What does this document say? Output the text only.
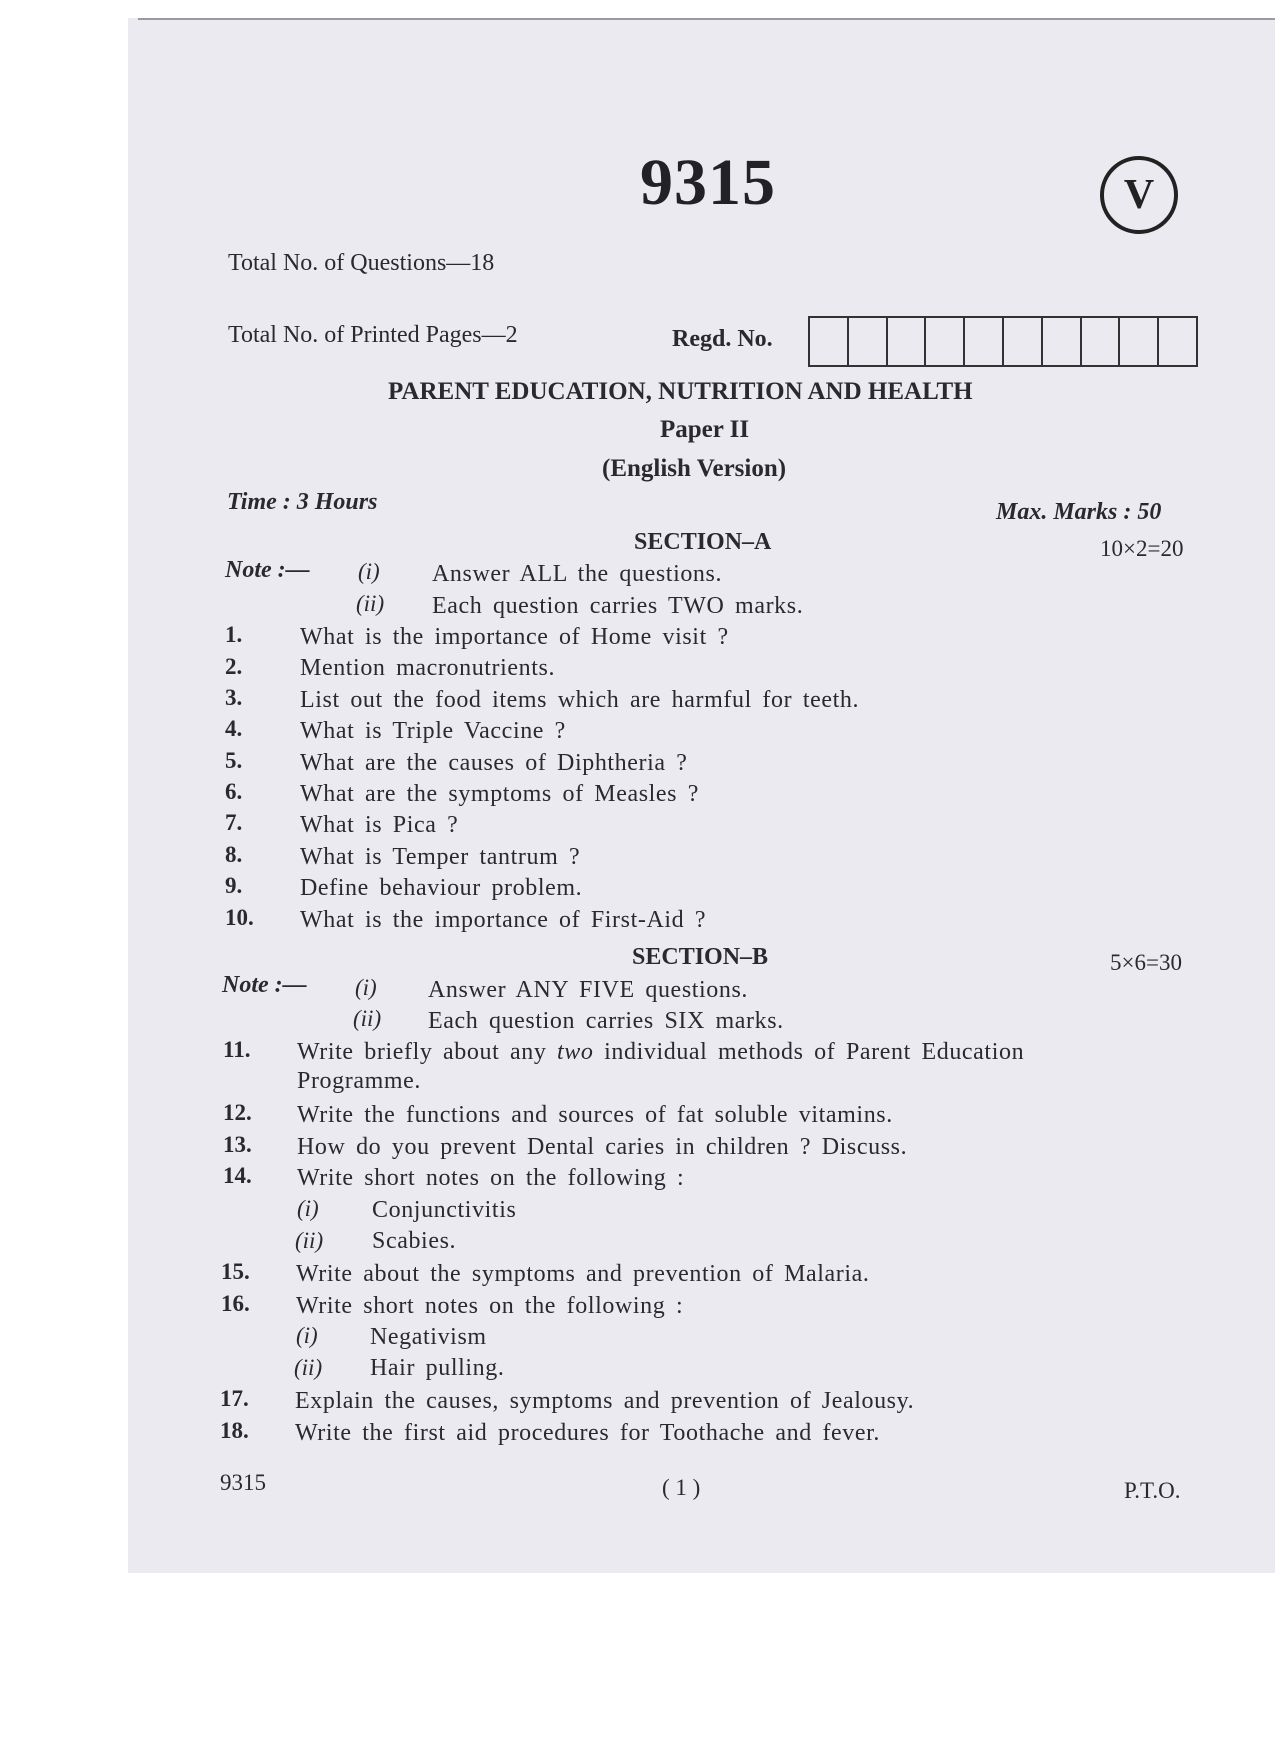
9315	V
Total No. of Questions—18
Total No. of Printed Pages—2	Regd. No.
PARENT EDUCATION, NUTRITION AND HEALTH
Paper II
(English Version)
Time : 3 Hours	Max. Marks : 50
SECTION–A	10×2=20
Note :— (i) Answer ALL the questions.
(ii) Each question carries TWO marks.
1. What is the importance of Home visit ?
2. Mention macronutrients.
3. List out the food items which are harmful for teeth.
4. What is Triple Vaccine ?
5. What are the causes of Diphtheria ?
6. What are the symptoms of Measles ?
7. What is Pica ?
8. What is Temper tantrum ?
9. Define behaviour problem.
10. What is the importance of First-Aid ?
SECTION–B	5×6=30
Note :— (i) Answer ANY FIVE questions.
(ii) Each question carries SIX marks.
11. Write briefly about any two individual methods of Parent Education
Programme.
12. Write the functions and sources of fat soluble vitamins.
13. How do you prevent Dental caries in children ? Discuss.
14. Write short notes on the following :
(i) Conjunctivitis
(ii) Scabies.
15. Write about the symptoms and prevention of Malaria.
16. Write short notes on the following :
(i) Negativism
(ii) Hair pulling.
17. Explain the causes, symptoms and prevention of Jealousy.
18. Write the first aid procedures for Toothache and fever.
9315	( 1 )	P.T.O.
